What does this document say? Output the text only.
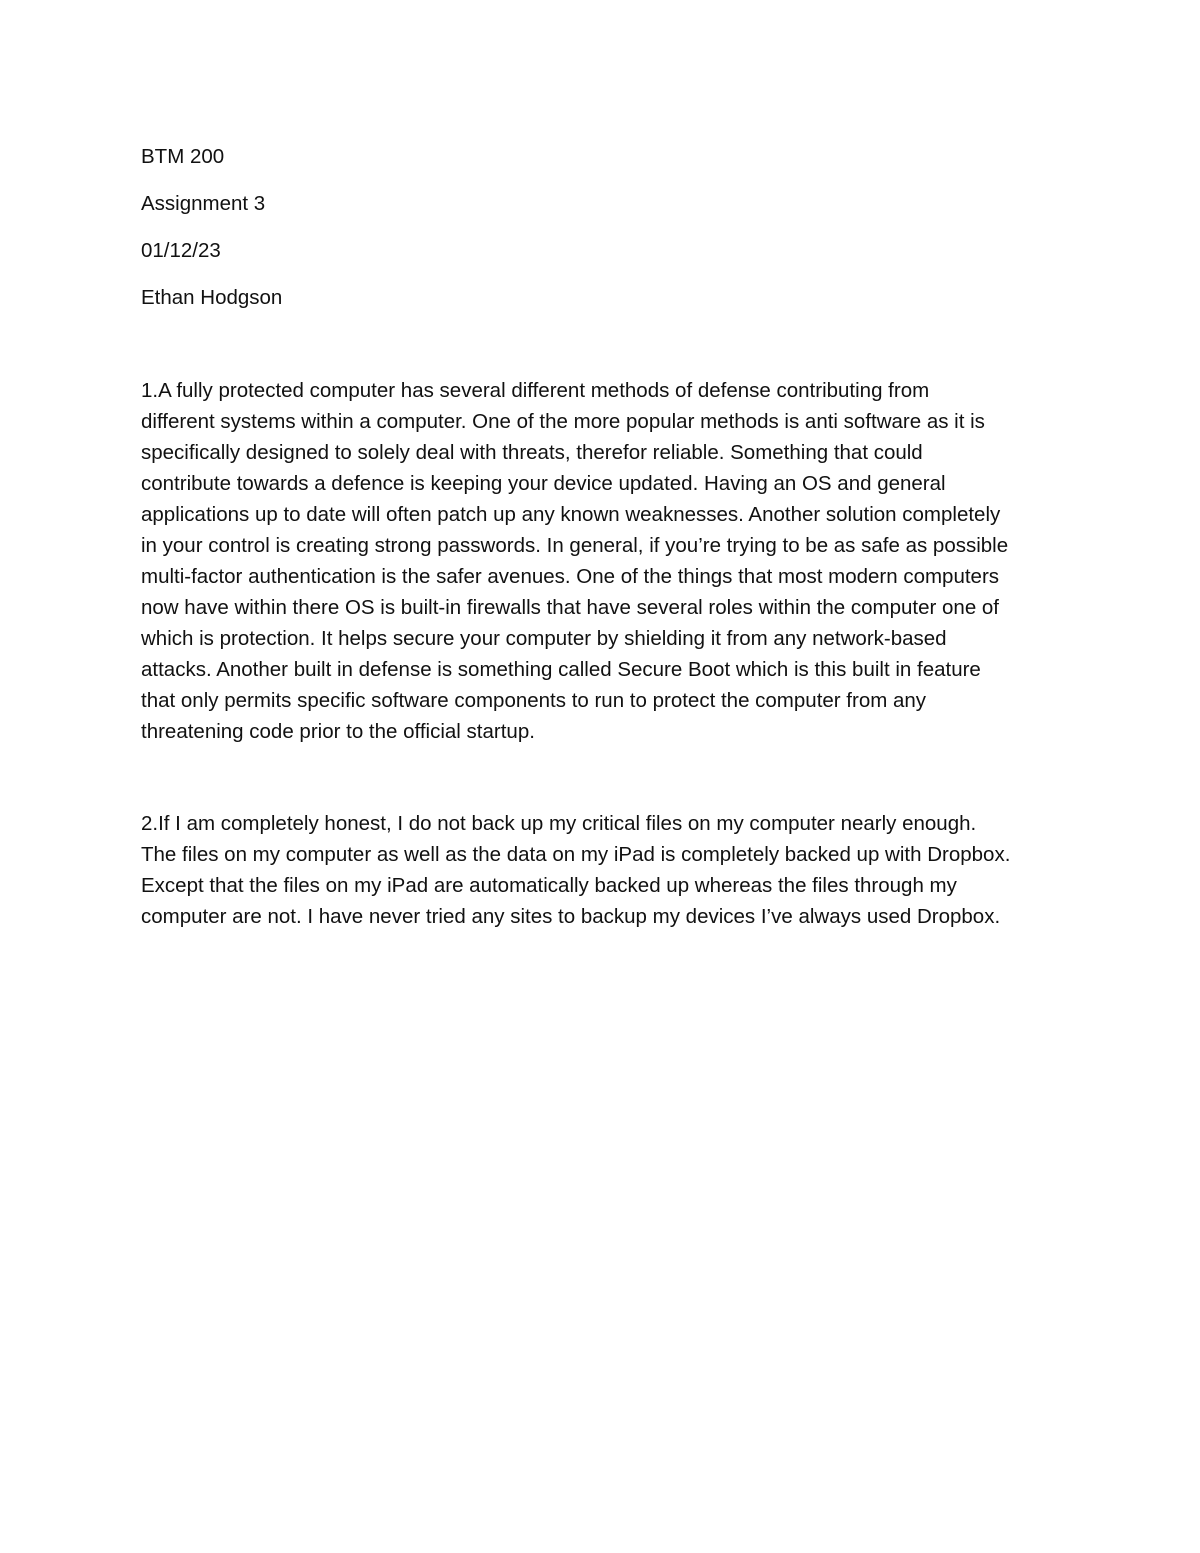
BTM 200
Assignment 3
01/12/23
Ethan Hodgson
1.A fully protected computer has several different methods of defense contributing from
different systems within a computer. One of the more popular methods is anti software as it is
specifically designed to solely deal with threats, therefor reliable. Something that could
contribute towards a defence is keeping your device updated. Having an OS and general
applications up to date will often patch up any known weaknesses. Another solution completely
in your control is creating strong passwords. In general, if you’re trying to be as safe as possible
multi-factor authentication is the safer avenues. One of the things that most modern computers
now have within there OS is built-in firewalls that have several roles within the computer one of
which is protection. It helps secure your computer by shielding it from any network-based
attacks. Another built in defense is something called Secure Boot which is this built in feature
that only permits specific software components to run to protect the computer from any
threatening code prior to the official startup.
2.If I am completely honest, I do not back up my critical files on my computer nearly enough.
The files on my computer as well as the data on my iPad is completely backed up with Dropbox.
Except that the files on my iPad are automatically backed up whereas the files through my
computer are not. I have never tried any sites to backup my devices I’ve always used Dropbox.
